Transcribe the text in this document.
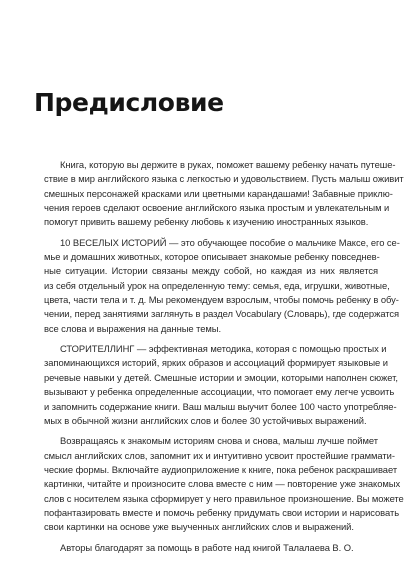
Предисловие
Книга, которую вы держите в руках, поможет вашему ребенку начать путеше-
ствие в мир английского языка с легкостью и удовольствием. Пусть малыш оживит
смешных персонажей красками или цветными карандашами! Забавные приклю-
чения героев сделают освоение английского языка простым и увлекательным и
помогут привить вашему ребенку любовь к изучению иностранных языков.
10 ВЕСЕЛЫХ ИСТОРИЙ — это обучающее пособие о мальчике Максе, его се-
мье и домашних животных, которое описывает знакомые ребенку повседнев-
ные ситуации. Истории связаны между собой, но каждая из них является
из себя отдельный урок на определенную тему: семья, еда, игрушки, животные,
цвета, части тела и т. д. Мы рекомендуем взрослым, чтобы помочь ребенку в обу-
чении, перед занятиями заглянуть в раздел Vocabulary (Словарь), где содержатся
все слова и выражения на данные темы.
СТОРИТЕЛЛИНГ — эффективная методика, которая с помощью простых и
запоминающихся историй, ярких образов и ассоциаций формирует языковые и
речевые навыки у детей. Смешные истории и эмоции, которыми наполнен сюжет,
вызывают у ребенка определенные ассоциации, что помогает ему легче усвоить
и запомнить содержание книги. Ваш малыш выучит более 100 часто употребляе-
мых в обычной жизни английских слов и более 30 устойчивых выражений.
Возвращаясь к знакомым историям снова и снова, малыш лучше поймет
смысл английских слов, запомнит их и интуитивно усвоит простейшие граммати-
ческие формы. Включайте аудиоприложение к книге, пока ребенок раскрашивает
картинки, читайте и произносите слова вместе с ним — повторение уже знакомых
слов с носителем языка сформирует у него правильное произношение. Вы можете
пофантазировать вместе и помочь ребенку придумать свои истории и нарисовать
свои картинки на основе уже выученных английских слов и выражений.
Авторы благодарят за помощь в работе над книгой Талалаева В. О.
